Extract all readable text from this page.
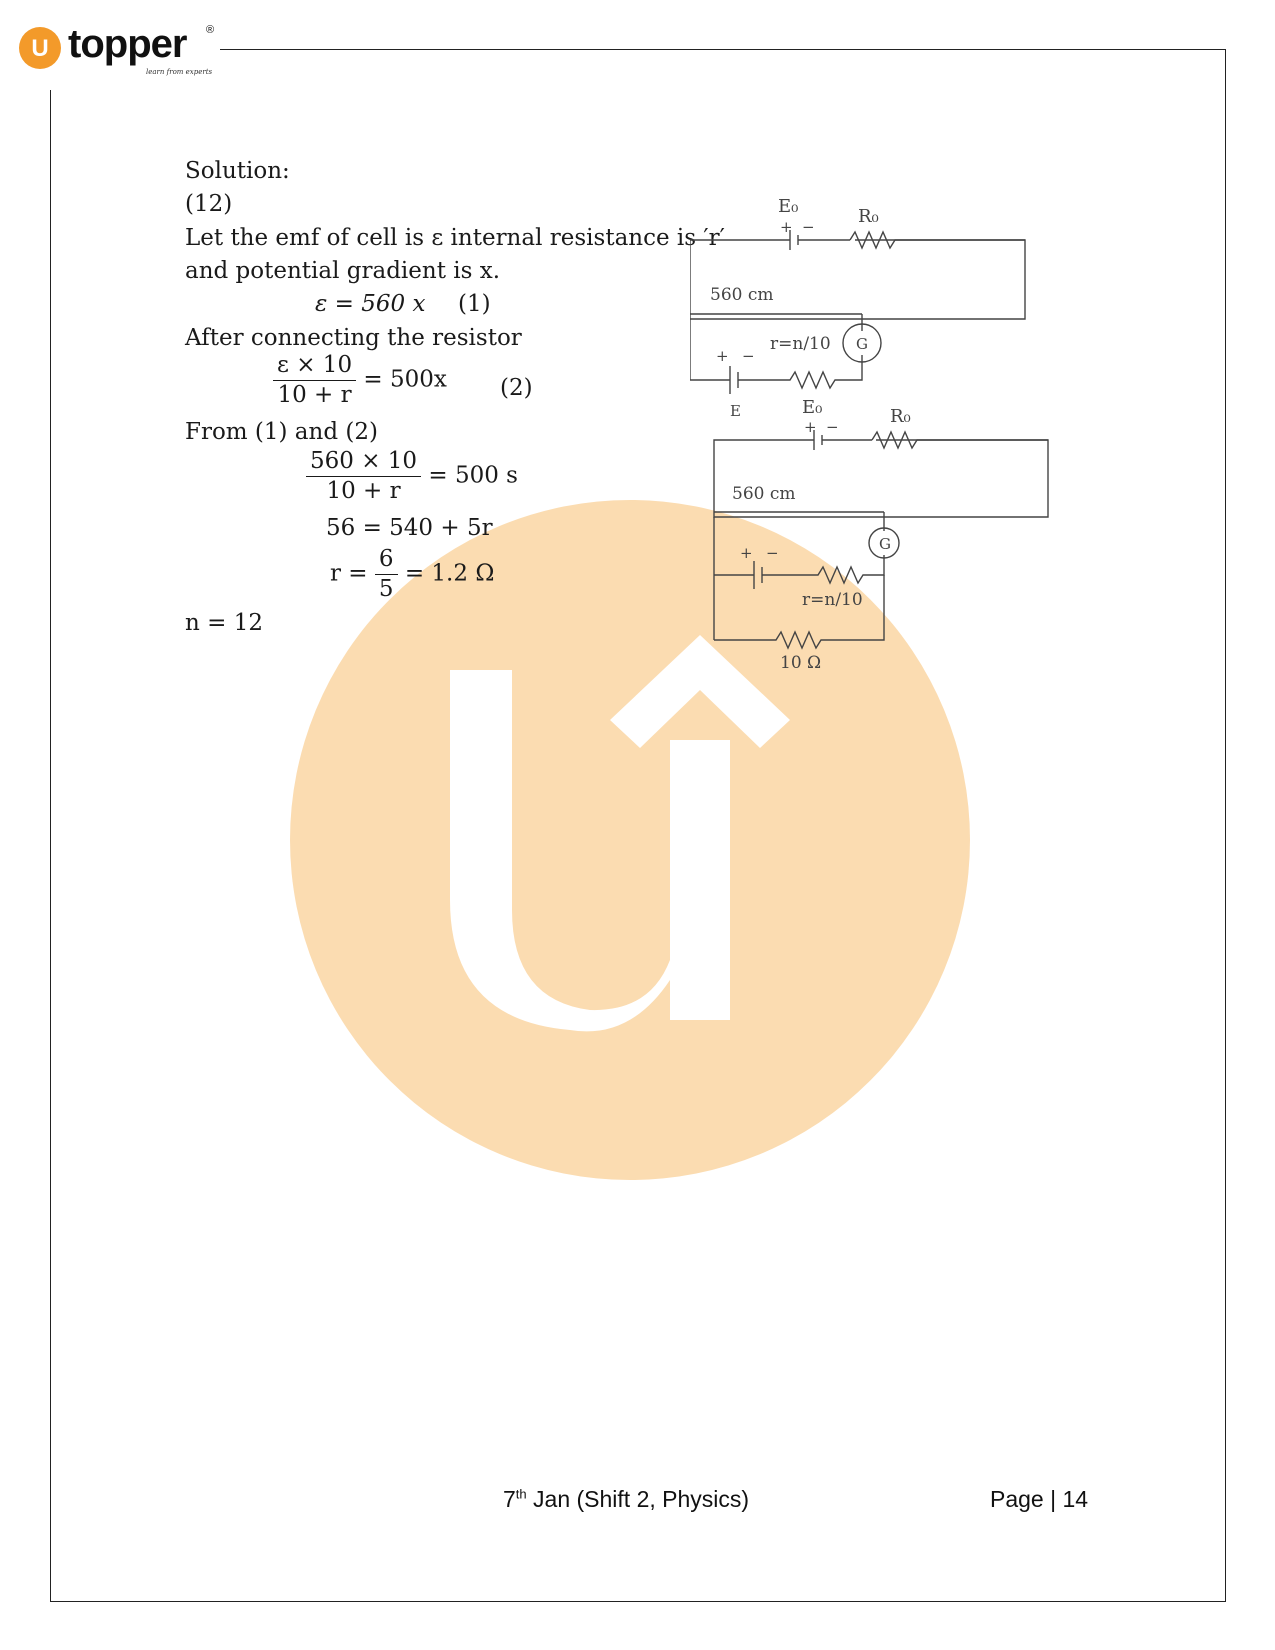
U topper ®
learn from experts
Solution:
(12)
Let the emf of cell is ε internal resistance is ′r′
and potential gradient is x.
ε = 560 x (1)
After connecting the resistor
$\frac{\varepsilon \times 10}{10 + r} = 500x$ (2)
From (1) and (2)
$\frac{560 \times 10}{10 + r} = 500$ s
56 = 540 + 5r
$r = \frac{6}{5} = 1.2$ Ω
n = 12
E₀	R₀
+ −
560 cm
r=n/10 G
+ −
E	E₀	R₀
+ −
560 cm
G
+ −
r=n/10
10 Ω
7th Jan (Shift 2, Physics)	Page | 14
